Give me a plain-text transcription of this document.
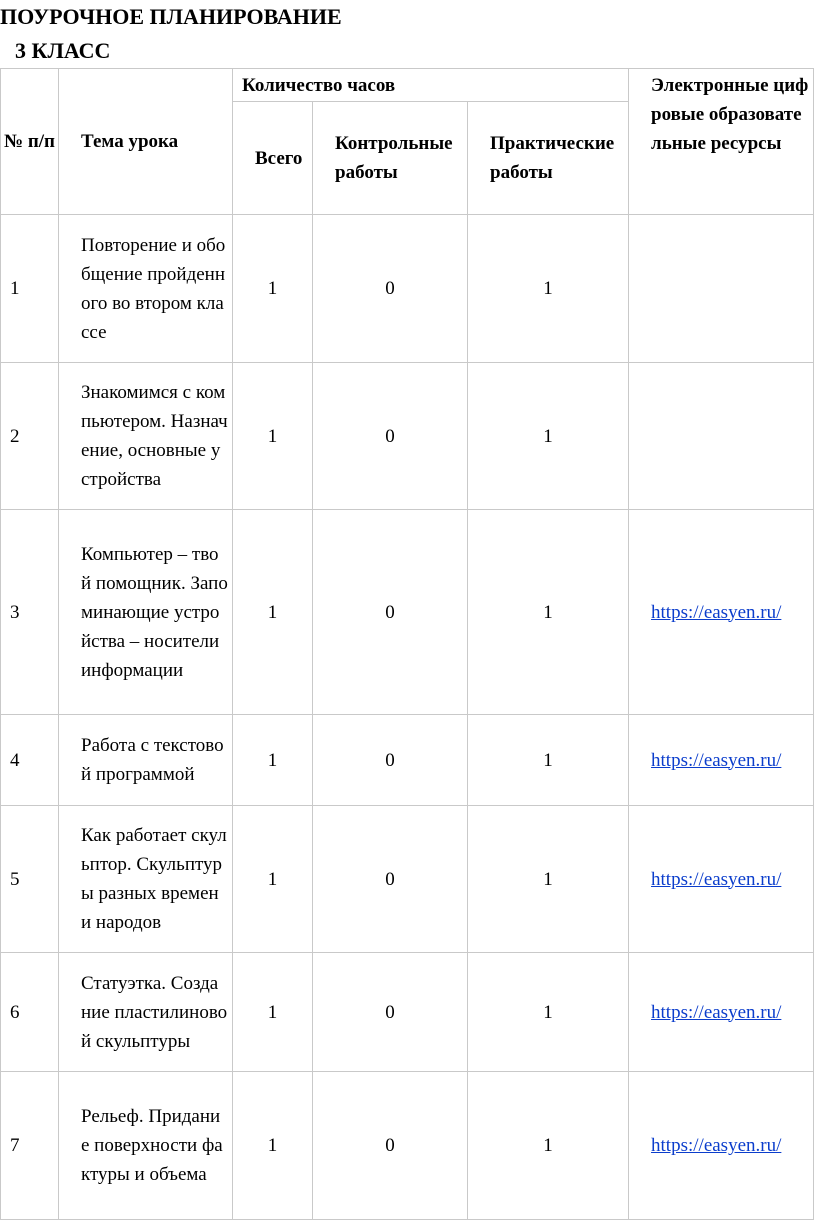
ПОУРОЧНОЕ ПЛАНИРОВАНИЕ
3 КЛАСС
№ п/п	Тема урока	Количество часов			Электронные цифровые образовательные ресурсы
		Всего	Контрольные работы	Практические работы	
1	Повторение и обобщение пройденного во втором классе	1	0	1	
2	Знакомимся с компьютером. Назначение, основные устройства	1	0	1	
3	Компьютер – твой помощник. Запоминающие устройства – носители информации	1	0	1	https://easyen.ru/
4	Работа с текстовой программой	1	0	1	https://easyen.ru/
5	Как работает скульптор. Скульптуры разных времен и народов	1	0	1	https://easyen.ru/
6	Статуэтка. Создание пластилиновой скульптуры	1	0	1	https://easyen.ru/
7	Рельеф. Придание поверхности фактуры и объема	1	0	1	https://easyen.ru/
